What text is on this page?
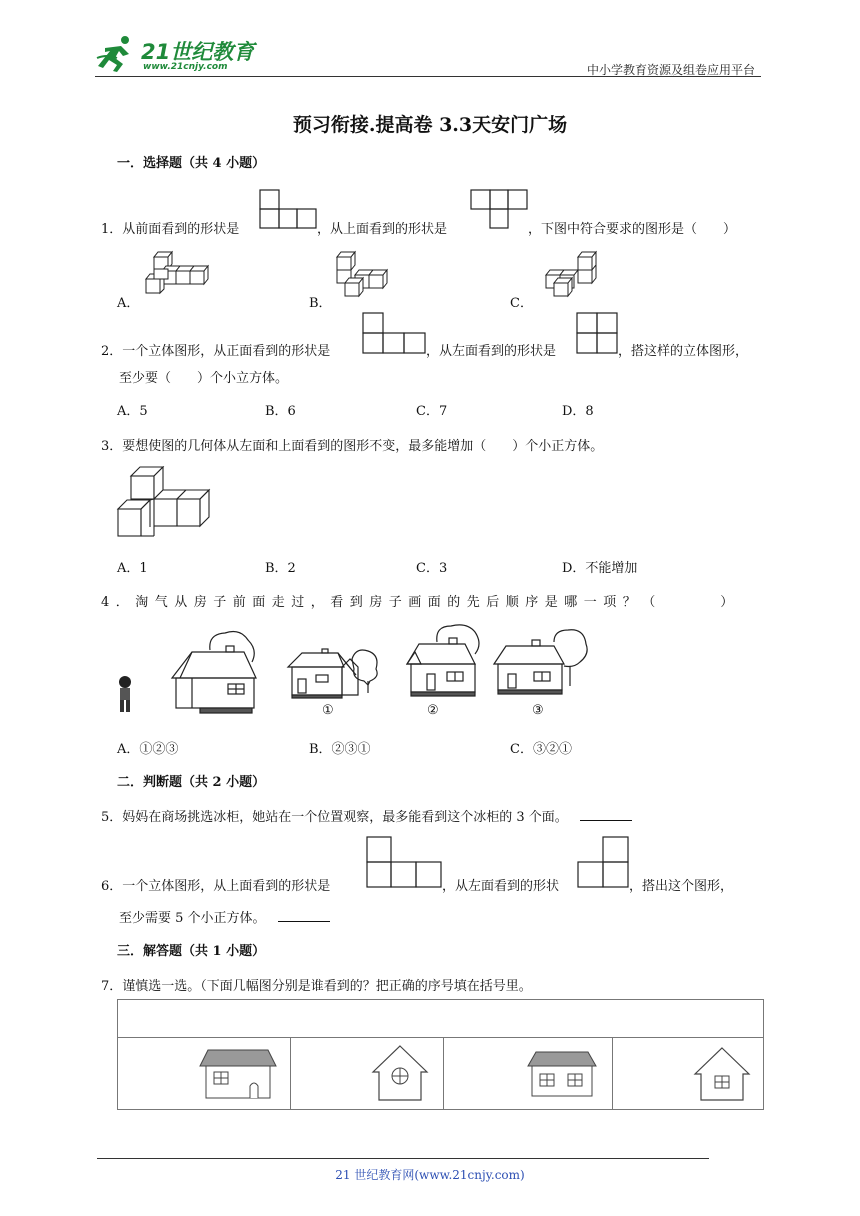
21世纪教育
www.21cnjy.com	中小学教育资源及组卷应用平台
预习衔接.提高卷 3.3天安门广场
一．选择题（共 4 小题）
1．从前面看到的形状是	，从上面看到的形状是	，下图中符合要求的图形是（　　）
A．	B．	C．
2．一个立体图形，从正面看到的形状是	，从左面看到的形状是	，搭这样的立体图形，
至少要（　　）个小立方体。
A．5	B．6	C．7	D．8
3．要想使图的几何体从左面和上面看到的图形不变，最多能增加（　　）个小正方体。
A．1	B．2	C．3	D．不能增加
4．淘气从房子前面走过，看到房子画面的先后顺序是哪一项？（　　　）
①	②	③
A．①②③	B．②③①	C．③②①
二．判断题（共 2 小题）
5．妈妈在商场挑选冰柜，她站在一个位置观察，最多能看到这个冰柜的 3 个面。
6．一个立体图形，从上面看到的形状是	，从左面看到的形状	，搭出这个图形，
至少需要 5 个小正方体。
三．解答题（共 1 小题）
7．谨慎选一选。（下面几幅图分别是谁看到的？把正确的序号填在括号里。

21 世纪教育网(www.21cnjy.com)
